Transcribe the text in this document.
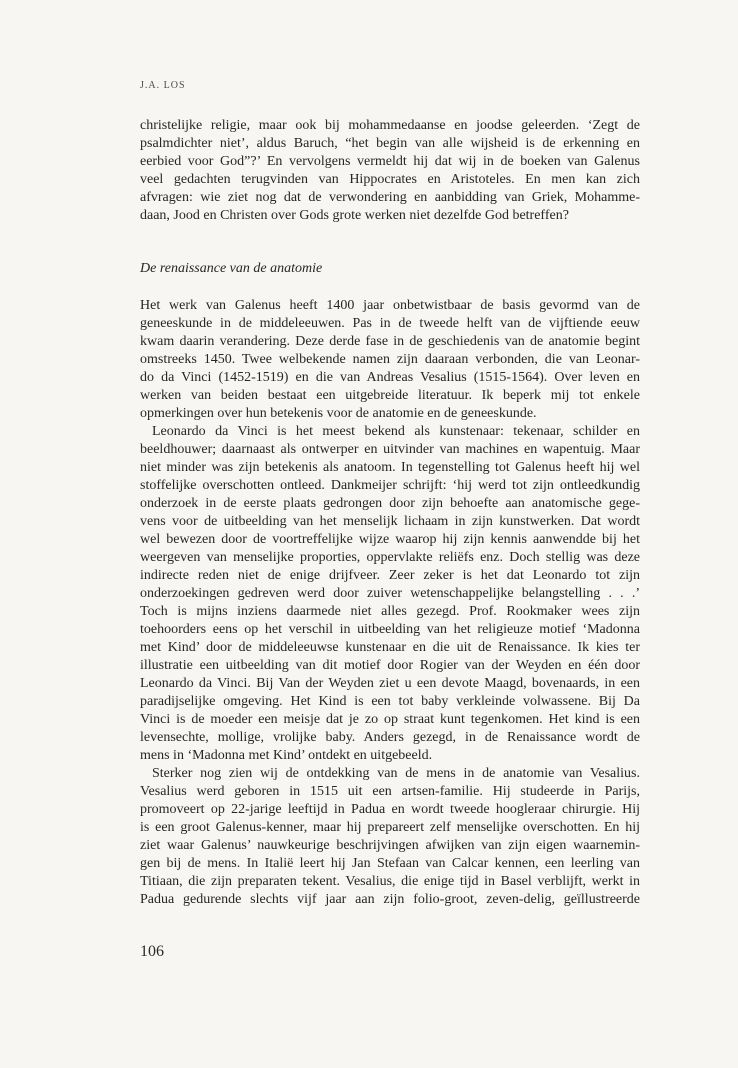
J.A. LOS
christelijke religie, maar ook bij mohammedaanse en joodse geleerden. ‘Zegt de
psalmdichter niet’, aldus Baruch, “het begin van alle wijsheid is de erkenning en
eerbied voor God”?’ En vervolgens vermeldt hij dat wij in de boeken van Galenus
veel gedachten terugvinden van Hippocrates en Aristoteles. En men kan zich
afvragen: wie ziet nog dat de verwondering en aanbidding van Griek, Mohamme-
daan, Jood en Christen over Gods grote werken niet dezelfde God betreffen?
De renaissance van de anatomie
Het werk van Galenus heeft 1400 jaar onbetwistbaar de basis gevormd van de
geneeskunde in de middeleeuwen. Pas in de tweede helft van de vijftiende eeuw
kwam daarin verandering. Deze derde fase in de geschiedenis van de anatomie begint
omstreeks 1450. Twee welbekende namen zijn daaraan verbonden, die van Leonar-
do da Vinci (1452-1519) en die van Andreas Vesalius (1515-1564). Over leven en
werken van beiden bestaat een uitgebreide literatuur. Ik beperk mij tot enkele
opmerkingen over hun betekenis voor de anatomie en de geneeskunde.
Leonardo da Vinci is het meest bekend als kunstenaar: tekenaar, schilder en
beeldhouwer; daarnaast als ontwerper en uitvinder van machines en wapentuig. Maar
niet minder was zijn betekenis als anatoom. In tegenstelling tot Galenus heeft hij wel
stoffelijke overschotten ontleed. Dankmeijer schrijft: ‘hij werd tot zijn ontleedkundig
onderzoek in de eerste plaats gedrongen door zijn behoefte aan anatomische gege-
vens voor de uitbeelding van het menselijk lichaam in zijn kunstwerken. Dat wordt
wel bewezen door de voortreffelijke wijze waarop hij zijn kennis aanwendde bij het
weergeven van menselijke proporties, oppervlakte reliëfs enz. Doch stellig was deze
indirecte reden niet de enige drijfveer. Zeer zeker is het dat Leonardo tot zijn
onderzoekingen gedreven werd door zuiver wetenschappelijke belangstelling . . .’
Toch is mijns inziens daarmede niet alles gezegd. Prof. Rookmaker wees zijn
toehoorders eens op het verschil in uitbeelding van het religieuze motief ‘Madonna
met Kind’ door de middeleeuwse kunstenaar en die uit de Renaissance. Ik kies ter
illustratie een uitbeelding van dit motief door Rogier van der Weyden en één door
Leonardo da Vinci. Bij Van der Weyden ziet u een devote Maagd, bovenaards, in een
paradijselijke omgeving. Het Kind is een tot baby verkleinde volwassene. Bij Da
Vinci is de moeder een meisje dat je zo op straat kunt tegenkomen. Het kind is een
levensechte, mollige, vrolijke baby. Anders gezegd, in de Renaissance wordt de
mens in ‘Madonna met Kind’ ontdekt en uitgebeeld.
Sterker nog zien wij de ontdekking van de mens in de anatomie van Vesalius.
Vesalius werd geboren in 1515 uit een artsen-familie. Hij studeerde in Parijs,
promoveert op 22-jarige leeftijd in Padua en wordt tweede hoogleraar chirurgie. Hij
is een groot Galenus-kenner, maar hij prepareert zelf menselijke overschotten. En hij
ziet waar Galenus’ nauwkeurige beschrijvingen afwijken van zijn eigen waarnemin-
gen bij de mens. In Italië leert hij Jan Stefaan van Calcar kennen, een leerling van
Titiaan, die zijn preparaten tekent. Vesalius, die enige tijd in Basel verblijft, werkt in
Padua gedurende slechts vijf jaar aan zijn folio-groot, zeven-delig, geïllustreerde
106
